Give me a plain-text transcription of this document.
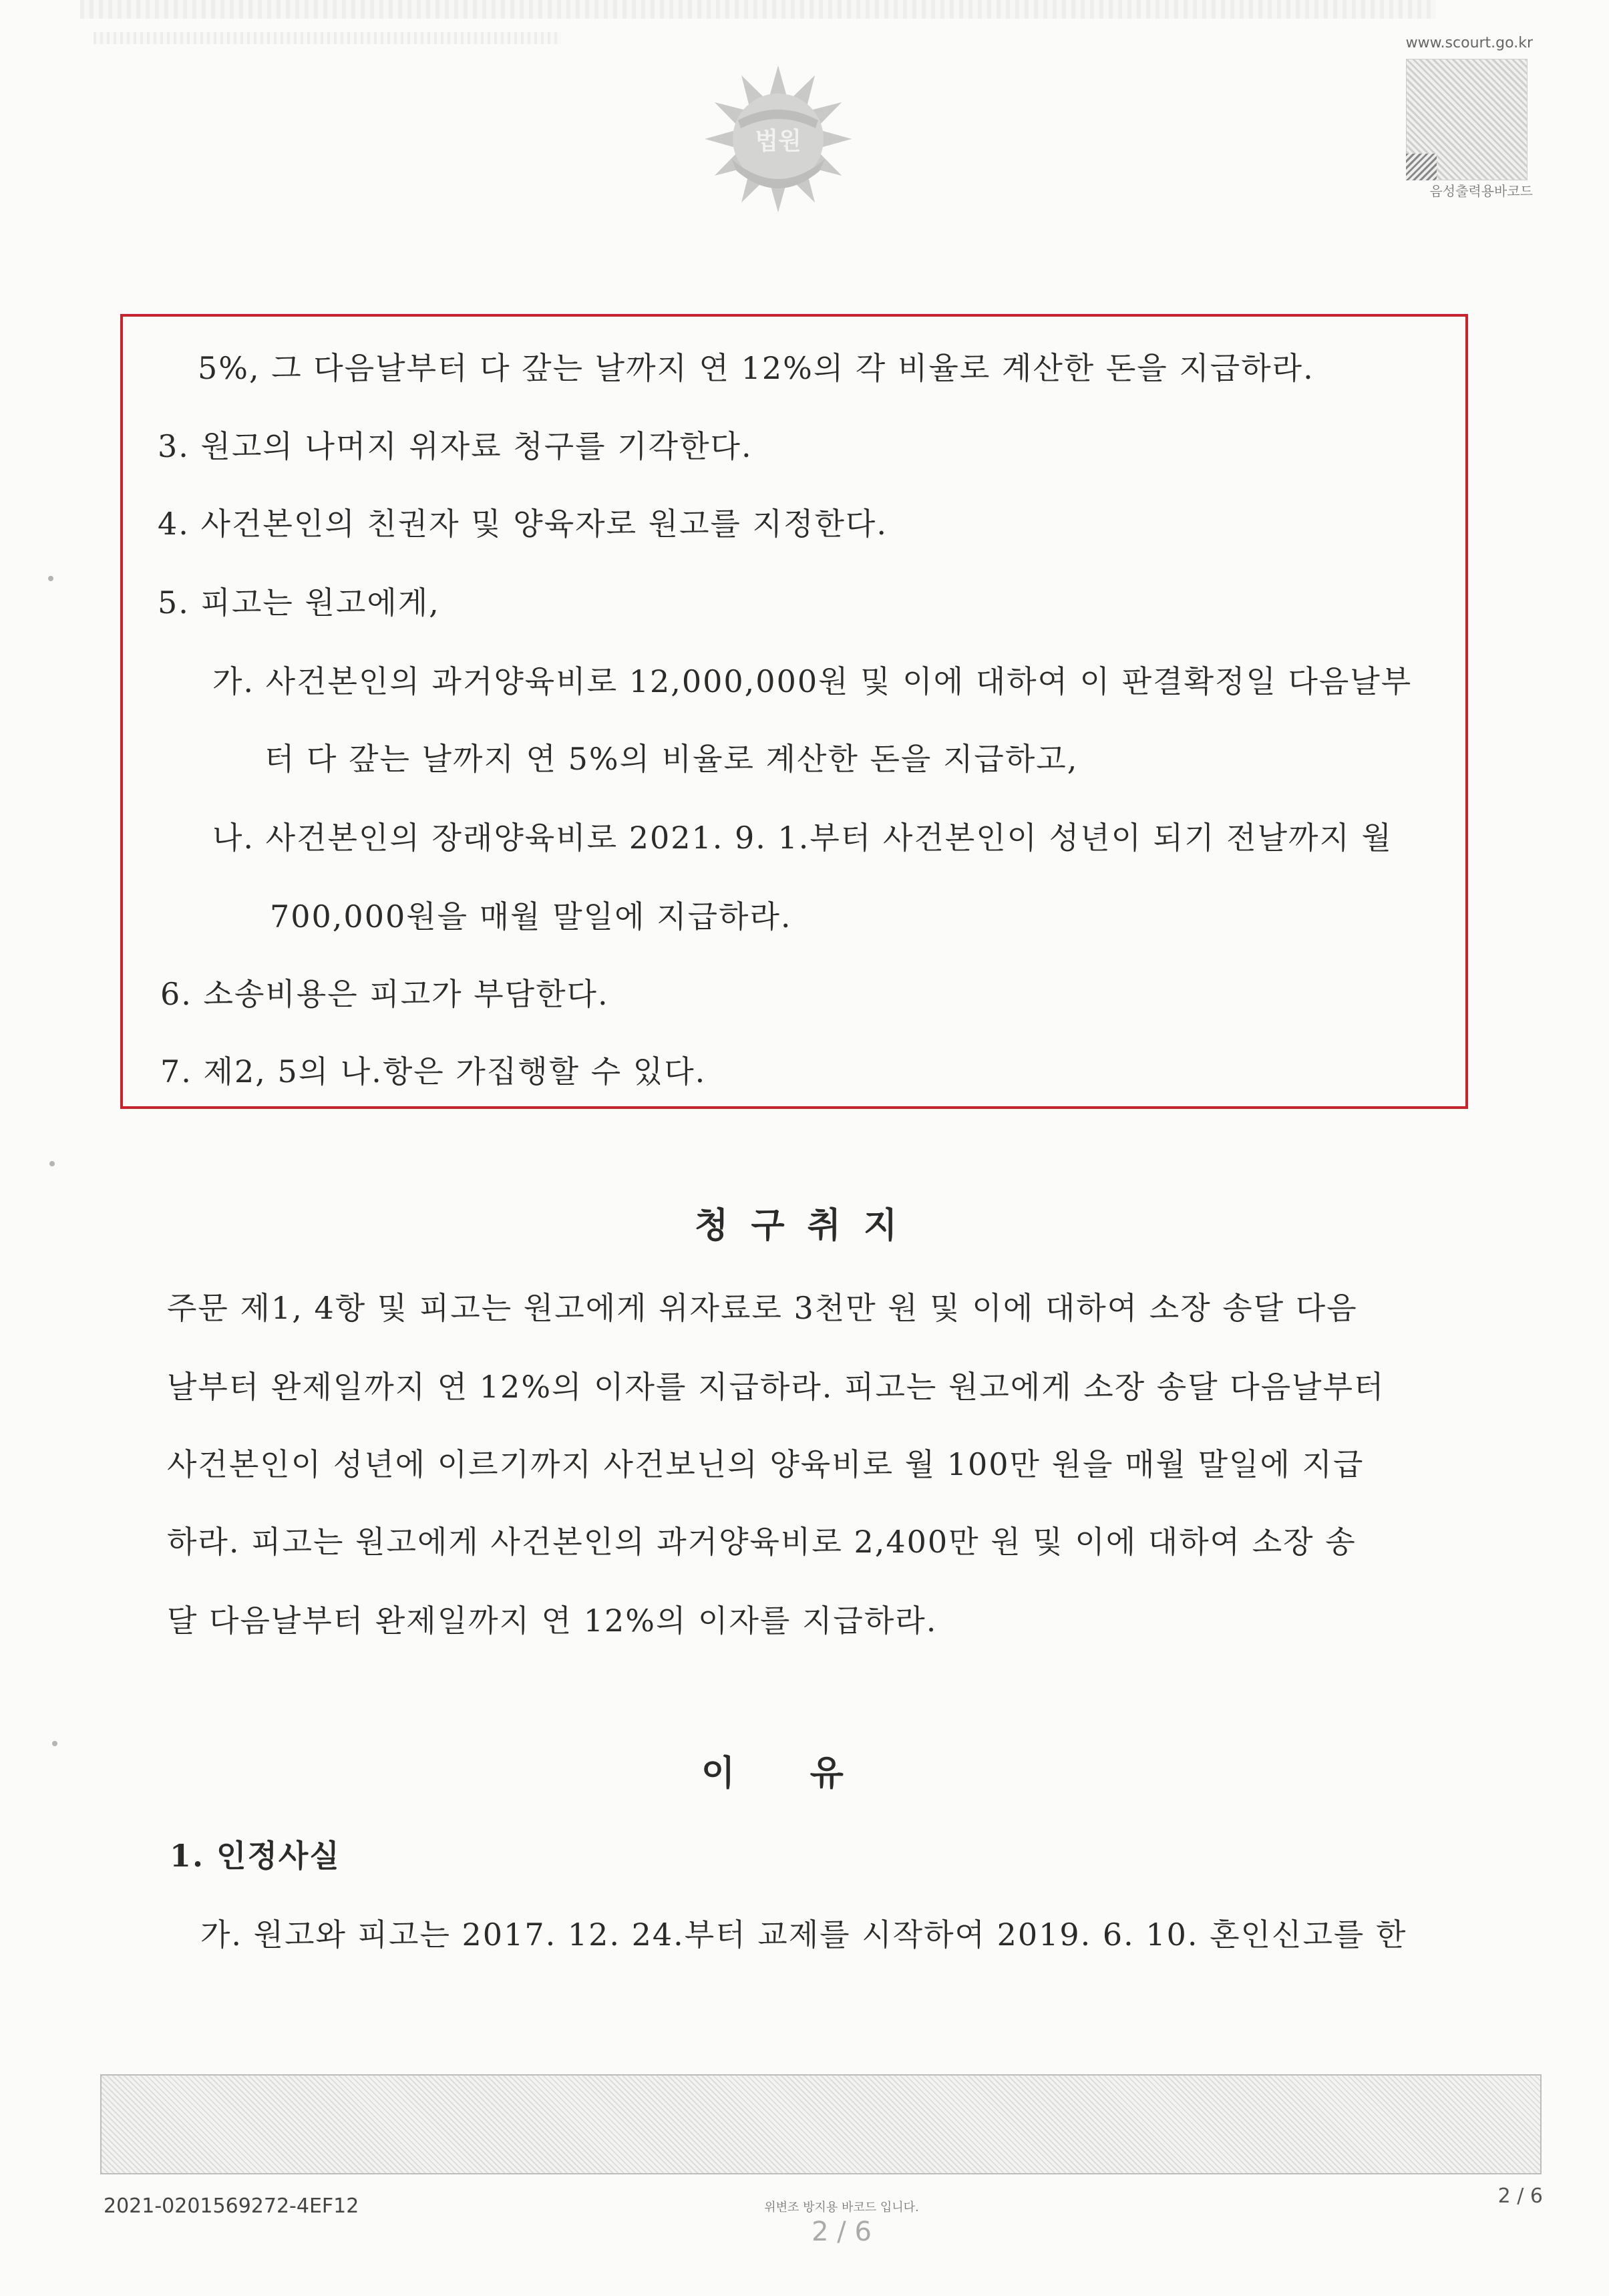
법원
www.scourt.go.kr
음성출력용바코드
5%, 그 다음날부터 다 갚는 날까지 연 12%의 각 비율로 계산한 돈을 지급하라.
3. 원고의 나머지 위자료 청구를 기각한다.
4. 사건본인의 친권자 및 양육자로 원고를 지정한다.
5. 피고는 원고에게,
가. 사건본인의 과거양육비로 12,000,000원 및 이에 대하여 이 판결확정일 다음날부
터 다 갚는 날까지 연 5%의 비율로 계산한 돈을 지급하고,
나. 사건본인의 장래양육비로 2021. 9. 1.부터 사건본인이 성년이 되기 전날까지 월
700,000원을 매월 말일에 지급하라.
6. 소송비용은 피고가 부담한다.
7. 제2, 5의 나.항은 가집행할 수 있다.
청 구 취 지
주문 제1, 4항 및 피고는 원고에게 위자료로 3천만 원 및 이에 대하여 소장 송달 다음
날부터 완제일까지 연 12%의 이자를 지급하라. 피고는 원고에게 소장 송달 다음날부터
사건본인이 성년에 이르기까지 사건보닌의 양육비로 월 100만 원을 매월 말일에 지급
하라. 피고는 원고에게 사건본인의 과거양육비로 2,400만 원 및 이에 대하여 소장 송
달 다음날부터 완제일까지 연 12%의 이자를 지급하라.
이    유
1. 인정사실
가. 원고와 피고는 2017. 12. 24.부터 교제를 시작하여 2019. 6. 10. 혼인신고를 한
2021-0201569272-4EF12	2 / 6
위변조 방지용 바코드 입니다.
2 / 6
